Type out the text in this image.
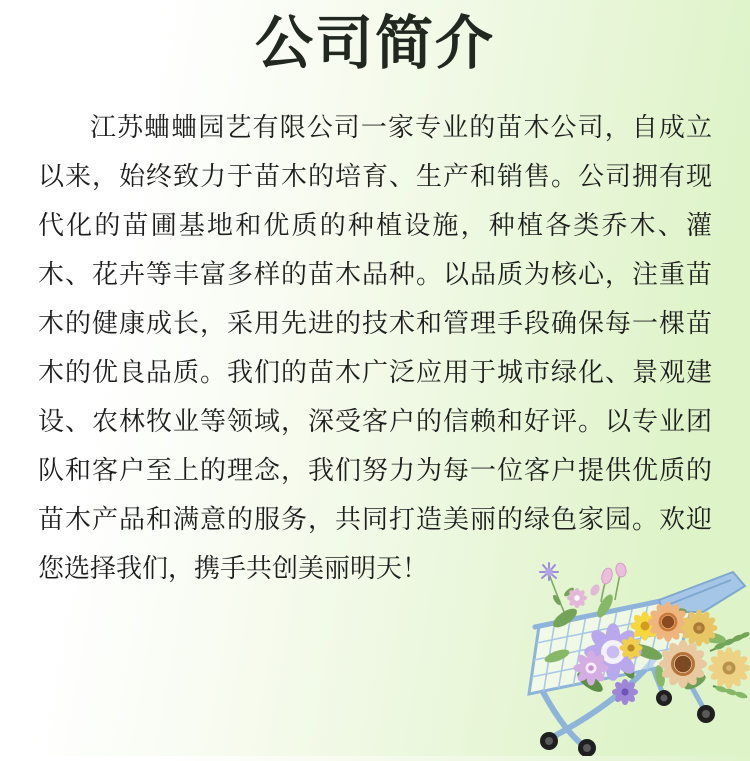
公司简介

江苏蛐蛐园艺有限公司一家专业的苗木公司，自成立以来，始终致力于苗木的培育、生产和销售。公司拥有现代化的苗圃基地和优质的种植设施，种植各类乔木、灌木、花卉等丰富多样的苗木品种。以品质为核心，注重苗木的健康成长，采用先进的技术和管理手段确保每一棵苗木的优良品质。我们的苗木广泛应用于城市绿化、景观建设、农林牧业等领域，深受客户的信赖和好评。以专业团队和客户至上的理念，我们努力为每一位客户提供优质的苗木产品和满意的服务，共同打造美丽的绿色家园。欢迎您选择我们，携手共创美丽明天！
